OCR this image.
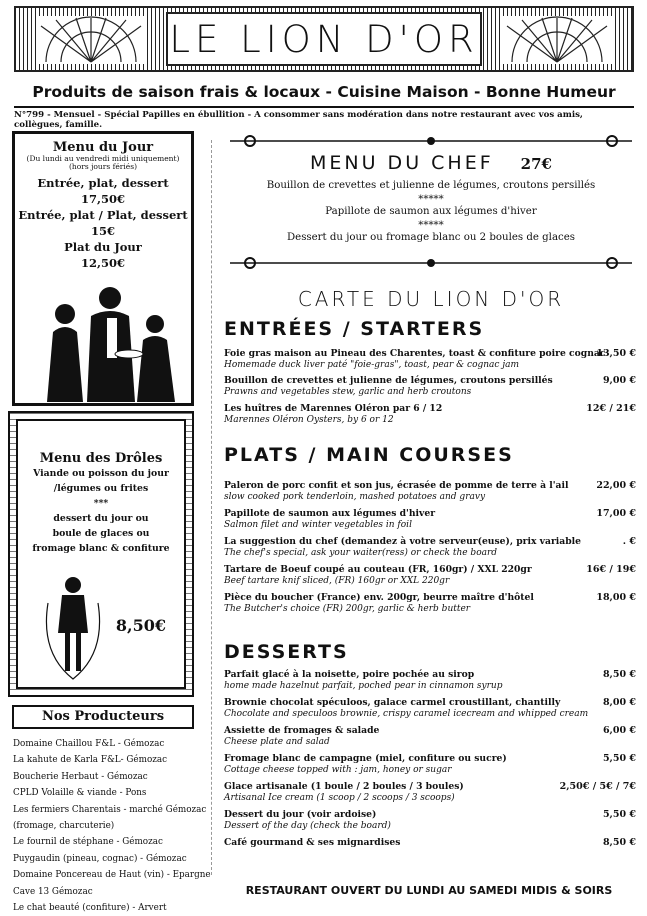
LE LION D'OR
Produits de saison frais & locaux - Cuisine Maison - Bonne Humeur
N°799 - Mensuel - Spécial Papilles en ébullition - A consommer sans modération dans notre restaurant avec vos amis, collègues, famille.
Menu du Jour
(Du lundi au vendredi midi uniquement)
(hors jours fériés)
Entrée, plat, dessert
17,50€
Entrée, plat / Plat, dessert
15€
Plat du Jour
12,50€
Menu des Drôles
Viande ou poisson du jour
/légumes ou frites
***
dessert du jour ou
boule de glaces ou
fromage blanc & confiture
8,50€
Nos Producteurs
Domaine Chaillou F&L - Gémozac
La kahute de Karla F&L- Gémozac
Boucherie Herbaut - Gémozac
CPLD Volaille & viande - Pons
Les fermiers Charentais - marché Gémozac
(fromage, charcuterie)
Le fournil de stéphane - Gémozac
Puygaudin (pineau, cognac) - Gémozac
Domaine Poncereau de Haut (vin) - Epargne
Cave 13 Gémozac
Le chat beauté (confiture) - Arvert
MENU DU CHEF 27€
Bouillon de crevettes et julienne de légumes, croutons persillés
*****
Papillote de saumon aux légumes d'hiver
*****
Dessert du jour ou fromage blanc ou 2 boules de glaces
CARTE DU LION D'OR
ENTRÉES / STARTERS
Foie gras maison au Pineau des Charentes, toast & confiture poire cognac
Homemade duck liver paté "foie-gras", toast, pear & cognac jam
13,50 €
Bouillon de crevettes et julienne de légumes, croutons persillés
Prawns and vegetables stew, garlic and herb croutons
9,00 €
Les huîtres de Marennes Oléron par 6 / 12
Marennes Oléron Oysters, by 6 or 12
12€ / 21€
PLATS / MAIN COURSES
Paleron de porc confit et son jus, écrasée de pomme de terre à l'ail
slow cooked pork tenderloin, mashed potatoes and gravy
22,00 €
Papillote de saumon aux légumes d'hiver
Salmon filet and winter vegetables in foil
17,00 €
La suggestion du chef (demandez à votre serveur(euse), prix variable
The chef's special, ask your waiter(ress) or check the board
. €
Tartare de Boeuf coupé au couteau (FR, 160gr) / XXL 220gr
Beef tartare knif sliced, (FR) 160gr or XXL 220gr
16€ / 19€
Pièce du boucher (France) env. 200gr, beurre maître d'hôtel
The Butcher's choice (FR) 200gr, garlic & herb butter
18,00 €
DESSERTS
Parfait glacé à la noisette, poire pochée au sirop
home made hazelnut parfait, poched pear in cinnamon syrup
8,50 €
Brownie chocolat spéculoos, galace carmel croustillant, chantilly
Chocolate and speculoos brownie, crispy caramel icecream and whipped cream
8,00 €
Assiette de fromages & salade
Cheese plate and salad
6,00 €
Fromage blanc de campagne (miel, confiture ou sucre)
Cottage cheese topped with : jam, honey or sugar
5,50 €
Glace artisanale (1 boule / 2 boules / 3 boules)
Artisanal Ice cream (1 scoop / 2 scoops / 3 scoops)
2,50€ / 5€ / 7€
Dessert du jour (voir ardoise)
Dessert of the day (check the board)
5,50 €
Café gourmand & ses mignardises	8,50 €
RESTAURANT OUVERT DU LUNDI AU SAMEDI MIDIS & SOIRS
